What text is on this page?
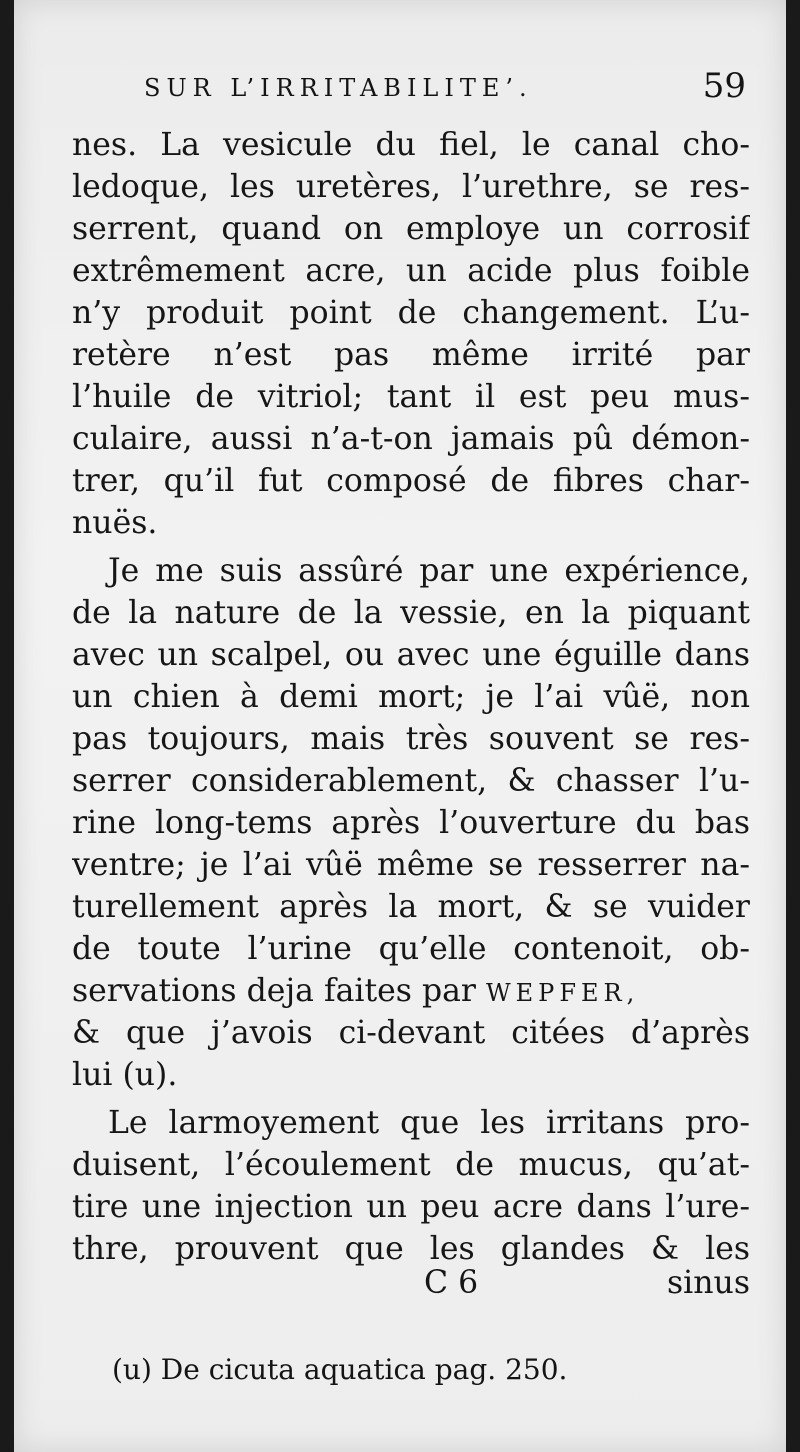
SUR L’IRRITABILITE’.	59
nes. La vesicule du fiel, le canal cho-
ledoque, les uretères, l’urethre, se res-
serrent, quand on employe un corrosif
extrêmement acre, un acide plus foible
n’y produit point de changement. L’u-
retère n’est pas même irrité par
l’huile de vitriol; tant il est peu mus-
culaire, aussi n’a-t-on jamais pû démon-
trer, qu’il fut composé de fibres char-
nuës.
Je me suis assûré par une expérience,
de la nature de la vessie, en la piquant
avec un scalpel, ou avec une éguille dans
un chien à demi mort; je l’ai vûë, non
pas toujours, mais très souvent se res-
serrer considerablement, & chasser l’u-
rine long-tems après l’ouverture du bas
ventre; je l’ai vûë même se resserrer na-
turellement après la mort, & se vuider
de toute l’urine qu’elle contenoit, ob-
servations deja faites par WEPFER,
& que j’avois ci-devant citées d’après
lui (u).
Le larmoyement que les irritans pro-
duisent, l’écoulement de mucus, qu’at-
tire une injection un peu acre dans l’ure-
thre, prouvent que les glandes & les
C 6	sinus
(u) De cicuta aquatica pag. 250.
